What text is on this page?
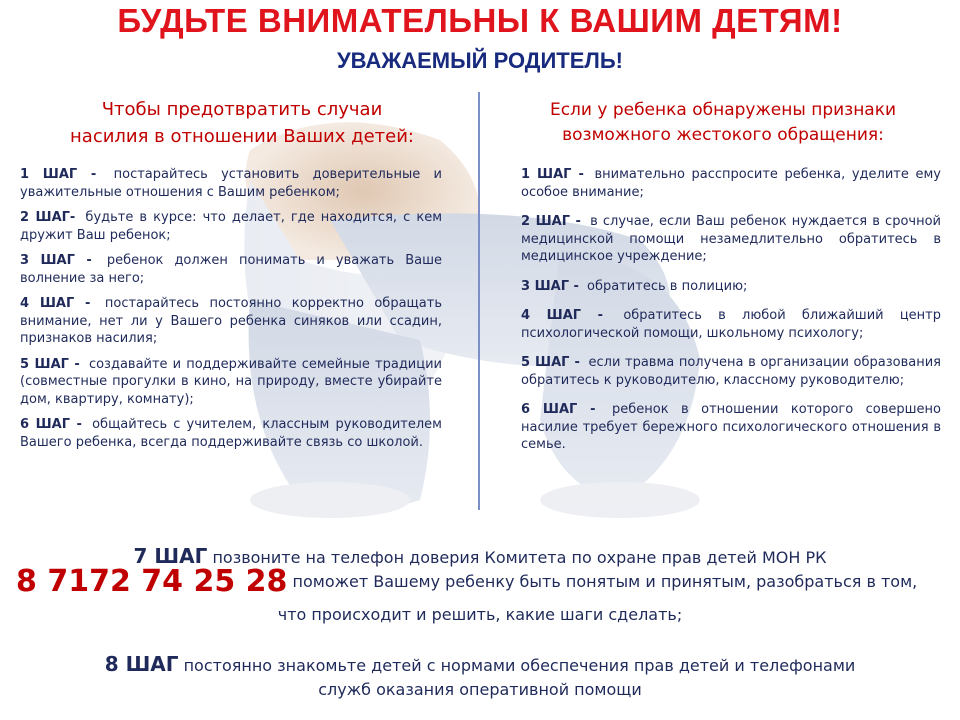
БУДЬТЕ ВНИМАТЕЛЬНЫ К ВАШИМ ДЕТЯМ!
УВАЖАЕМЫЙ РОДИТЕЛЬ!
Чтобы предотвратить случаи
насилия в отношении Ваших детей:
Если у ребенка обнаружены признаки
возможного жестокого обращения:
1 ШАГ - постарайтесь установить доверительные и уважительные отношения с Вашим ребенком;
2 ШАГ- будьте в курсе: что делает, где находится, с кем дружит Ваш ребенок;
3 ШАГ - ребенок должен понимать и уважать Ваше волнение за него;
4 ШАГ - постарайтесь постоянно корректно обращать внимание, нет ли у Вашего ребенка синяков или ссадин, признаков насилия;
5 ШАГ - создавайте и поддерживайте семейные традиции (совместные прогулки в кино, на природу, вместе убирайте дом, квартиру, комнату);
6 ШАГ - общайтесь с учителем, классным руководителем Вашего ребенка, всегда поддерживайте связь со школой.
1 ШАГ - внимательно расспросите ребенка, уделите ему особое внимание;
2 ШАГ - в случае, если Ваш ребенок нуждается в срочной медицинской помощи незамедлительно обратитесь в медицинское учреждение;
3 ШАГ - обратитесь в полицию;
4 ШАГ - обратитесь в любой ближайший центр психологической помощи, школьному психологу;
5 ШАГ - если травма получена в организации образования обратитесь к руководителю, классному руководителю;
6 ШАГ - ребенок в отношении которого совершено насилие требует бережного психологического отношения в семье.
7 ШАГ позвоните на телефон доверия Комитета по охране прав детей МОН РК
8 7172 74 25 28 поможет Вашему ребенку быть понятым и принятым, разобраться в том,
что происходит и решить, какие шаги сделать;
8 ШАГ постоянно знакомьте детей с нормами обеспечения прав детей и телефонами
служб оказания оперативной помощи
